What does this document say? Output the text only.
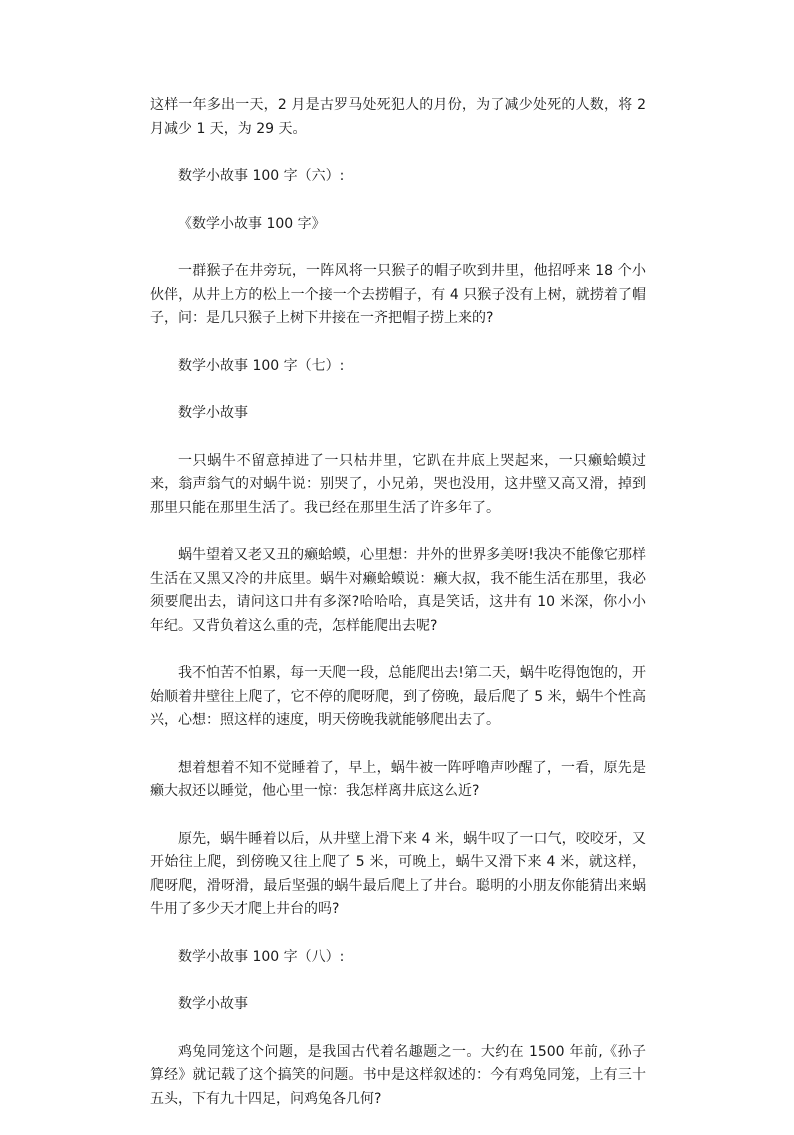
这样一年多出一天，2 月是古罗马处死犯人的月份，为了减少处死的人数，将 2 月减少 1 天，为 29 天。

数学小故事 100 字（六）:

《数学小故事 100 字》

一群猴子在井旁玩，一阵风将一只猴子的帽子吹到井里，他招呼来 18 个小伙伴，从井上方的松上一个接一个去捞帽子，有 4 只猴子没有上树，就捞着了帽子，问：是几只猴子上树下井接在一齐把帽子捞上来的?

数学小故事 100 字（七）:

数学小故事

一只蜗牛不留意掉进了一只枯井里，它趴在井底上哭起来，一只癞蛤蟆过来，翁声翁气的对蜗牛说：别哭了，小兄弟，哭也没用，这井壁又高又滑，掉到那里只能在那里生活了。我已经在那里生活了许多年了。

蜗牛望着又老又丑的癞蛤蟆，心里想：井外的世界多美呀!我决不能像它那样生活在又黑又冷的井底里。蜗牛对癞蛤蟆说：癞大叔，我不能生活在那里，我必须要爬出去，请问这口井有多深?哈哈哈，真是笑话，这井有 10 米深，你小小年纪。又背负着这么重的壳，怎样能爬出去呢?

我不怕苦不怕累，每一天爬一段，总能爬出去!第二天，蜗牛吃得饱饱的，开始顺着井壁往上爬了，它不停的爬呀爬，到了傍晚，最后爬了 5 米，蜗牛个性高兴，心想：照这样的速度，明天傍晚我就能够爬出去了。

想着想着不知不觉睡着了，早上，蜗牛被一阵呼噜声吵醒了，一看，原先是癞大叔还以睡觉，他心里一惊：我怎样离井底这么近?

原先，蜗牛睡着以后，从井壁上滑下来 4 米，蜗牛叹了一口气，咬咬牙，又开始往上爬，到傍晚又往上爬了 5 米，可晚上，蜗牛又滑下来 4 米，就这样，爬呀爬，滑呀滑，最后坚强的蜗牛最后爬上了井台。聪明的小朋友你能猜出来蜗牛用了多少天才爬上井台的吗?

数学小故事 100 字（八）:

数学小故事

鸡兔同笼这个问题，是我国古代着名趣题之一。大约在 1500 年前,《孙子算经》就记载了这个搞笑的问题。书中是这样叙述的：今有鸡兔同笼，上有三十五头，下有九十四足，问鸡兔各几何?
